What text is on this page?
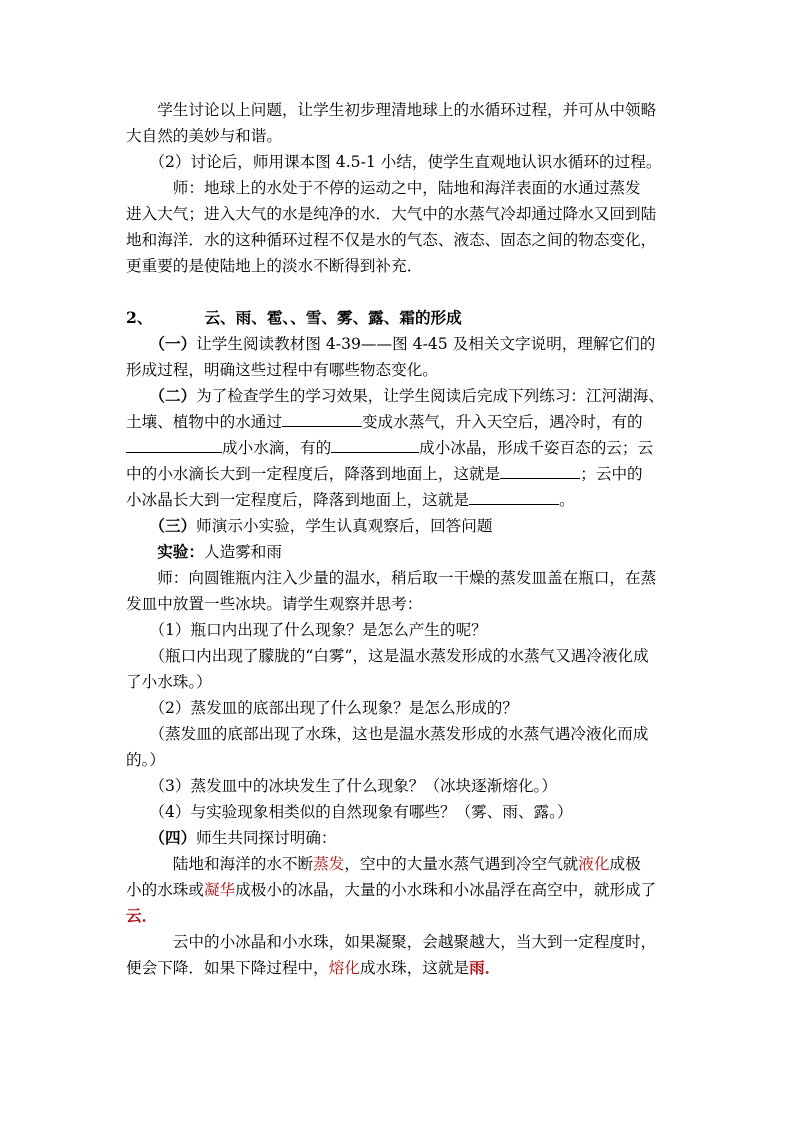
　　学生讨论以上问题，让学生初步理清地球上的水循环过程，并可从中领略
大自然的美妙与和谐。
　　（2）讨论后，师用课本图 4.5-1 小结，使学生直观地认识水循环的过程。
　　　师：地球上的水处于不停的运动之中，陆地和海洋表面的水通过蒸发
进入大气；进入大气的水是纯净的水．大气中的水蒸气冷却通过降水又回到陆
地和海洋．水的这种循环过程不仅是水的气态、液态、固态之间的物态变化，
更重要的是使陆地上的淡水不断得到补充．
2、	云、雨、雹、、雪、雾、露、霜的形成
　　（一）让学生阅读教材图 4-39——图 4-45 及相关文字说明，理解它们的
形成过程，明确这些过程中有哪些物态变化。
　　（二）为了检查学生的学习效果，让学生阅读后完成下列练习：江河湖海、
土壤、植物中的水通过	变成水蒸气，升入天空后，遇冷时，有的
成小水滴，有的	成小冰晶，形成千姿百态的云；云
中的小水滴长大到一定程度后，降落到地面上，这就是	；云中的
小冰晶长大到一定程度后，降落到地面上，这就是	。
　　（三）师演示小实验，学生认真观察后，回答问题
　　实验：人造雾和雨
　　师：向圆锥瓶内注入少量的温水，稍后取一干燥的蒸发皿盖在瓶口，在蒸
发皿中放置一些冰块。请学生观察并思考：
　　（1）瓶口内出现了什么现象？是怎么产生的呢？
　　（瓶口内出现了朦胧的“白雾”，这是温水蒸发形成的水蒸气又遇冷液化成
了小水珠。）
　　（2）蒸发皿的底部出现了什么现象？是怎么形成的？
　　（蒸发皿的底部出现了水珠，这也是温水蒸发形成的水蒸气遇冷液化而成
的。）
　　（3）蒸发皿中的冰块发生了什么现象？（冰块逐渐熔化。）
　　（4）与实验现象相类似的自然现象有哪些？（雾、雨、露。）
　　（四）师生共同探讨明确：
　　　陆地和海洋的水不断蒸发，空中的大量水蒸气遇到冷空气就液化成极
小的水珠或凝华成极小的冰晶，大量的小水珠和小冰晶浮在高空中，就形成了
云．
　　　云中的小冰晶和小水珠，如果凝聚，会越聚越大，当大到一定程度时，
便会下降．如果下降过程中，熔化成水珠，这就是雨．
